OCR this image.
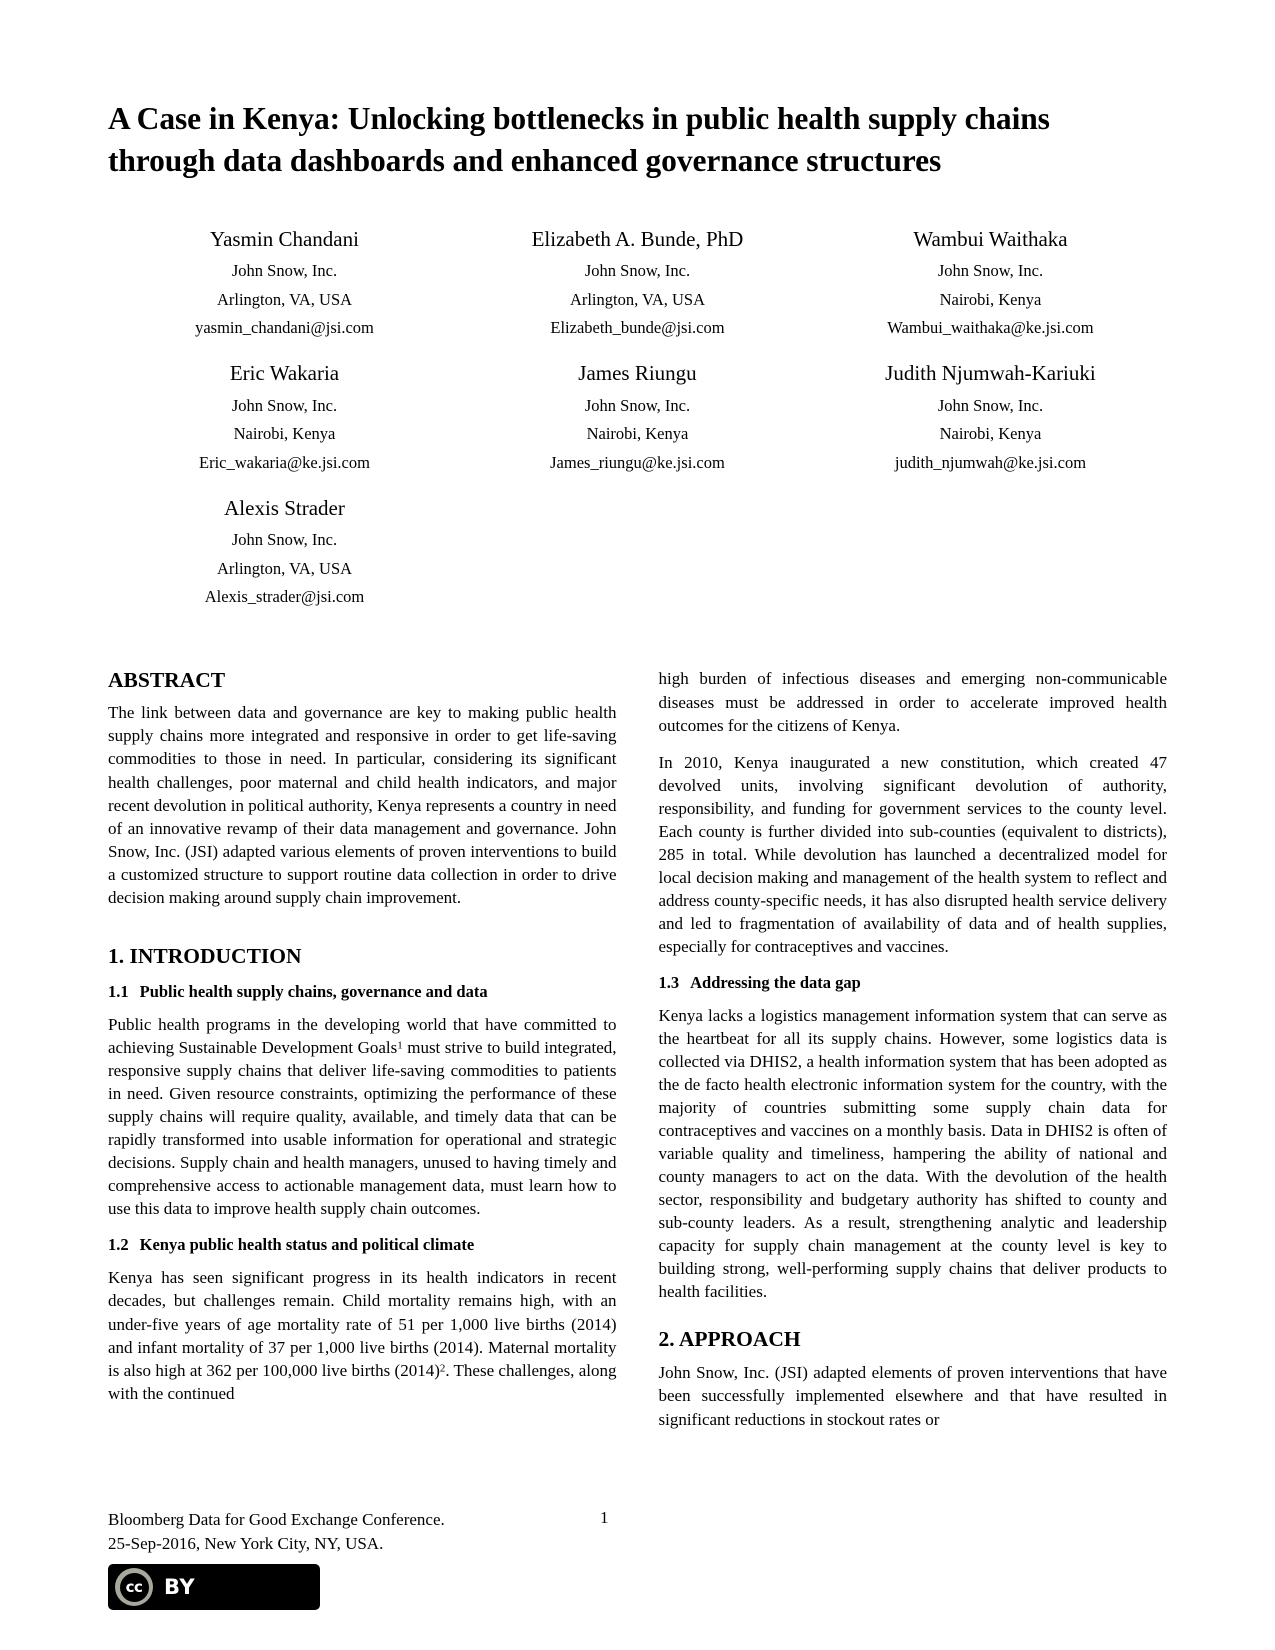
A Case in Kenya: Unlocking bottlenecks in public health supply chains through data dashboards and enhanced governance structures
Yasmin Chandani
John Snow, Inc.
Arlington, VA, USA
yasmin_chandani@jsi.com
Elizabeth A. Bunde, PhD
John Snow, Inc.
Arlington, VA, USA
Elizabeth_bunde@jsi.com
Wambui Waithaka
John Snow, Inc.
Nairobi, Kenya
Wambui_waithaka@ke.jsi.com
Eric Wakaria
John Snow, Inc.
Nairobi, Kenya
Eric_wakaria@ke.jsi.com
James Riungu
John Snow, Inc.
Nairobi, Kenya
James_riungu@ke.jsi.com
Judith Njumwah-Kariuki
John Snow, Inc.
Nairobi, Kenya
judith_njumwah@ke.jsi.com
Alexis Strader
John Snow, Inc.
Arlington, VA, USA
Alexis_strader@jsi.com
ABSTRACT

The link between data and governance are key to making public health supply chains more integrated and responsive in order to get life-saving commodities to those in need. In particular, considering its significant health challenges, poor maternal and child health indicators, and major recent devolution in political authority, Kenya represents a country in need of an innovative revamp of their data management and governance. John Snow, Inc. (JSI) adapted various elements of proven interventions to build a customized structure to support routine data collection in order to drive decision making around supply chain improvement.

1. INTRODUCTION
1.1 Public health supply chains, governance and data

Public health programs in the developing world that have committed to achieving Sustainable Development Goals$^1$ must strive to build integrated, responsive supply chains that deliver life-saving commodities to patients in need. Given resource constraints, optimizing the performance of these supply chains will require quality, available, and timely data that can be rapidly transformed into usable information for operational and strategic decisions. Supply chain and health managers, unused to having timely and comprehensive access to actionable management data, must learn how to use this data to improve health supply chain outcomes.

1.2 Kenya public health status and political climate

Kenya has seen significant progress in its health indicators in recent decades, but challenges remain. Child mortality remains high, with an under-five years of age mortality rate of 51 per 1,000 live births (2014) and infant mortality of 37 per 1,000 live births (2014). Maternal mortality is also high at 362 per 100,000 live births $(2014)^2$. These challenges, along with the continued

high burden of infectious diseases and emerging non-communicable diseases must be addressed in order to accelerate improved health outcomes for the citizens of Kenya.

In 2010, Kenya inaugurated a new constitution, which created 47 devolved units, involving significant devolution of authority, responsibility, and funding for government services to the county level. Each county is further divided into sub-counties (equivalent to districts), 285 in total. While devolution has launched a decentralized model for local decision making and management of the health system to reflect and address county-specific needs, it has also disrupted health service delivery and led to fragmentation of availability of data and of health supplies, especially for contraceptives and vaccines.

1.3 Addressing the data gap

Kenya lacks a logistics management information system that can serve as the heartbeat for all its supply chains. However, some logistics data is collected via DHIS2, a health information system that has been adopted as the de facto health electronic information system for the country, with the majority of countries submitting some supply chain data for contraceptives and vaccines on a monthly basis. Data in DHIS2 is often of variable quality and timeliness, hampering the ability of national and county managers to act on the data. With the devolution of the health sector, responsibility and budgetary authority has shifted to county and sub-county leaders. As a result, strengthening analytic and leadership capacity for supply chain management at the county level is key to building strong, well-performing supply chains that deliver products to health facilities.

2. APPROACH

John Snow, Inc. (JSI) adapted elements of proven interventions that have been successfully implemented elsewhere and that have resulted in significant reductions in stockout rates or

Bloomberg Data for Good Exchange Conference.
25-Sep-2016, New York City, NY, USA.
1
cc BY
